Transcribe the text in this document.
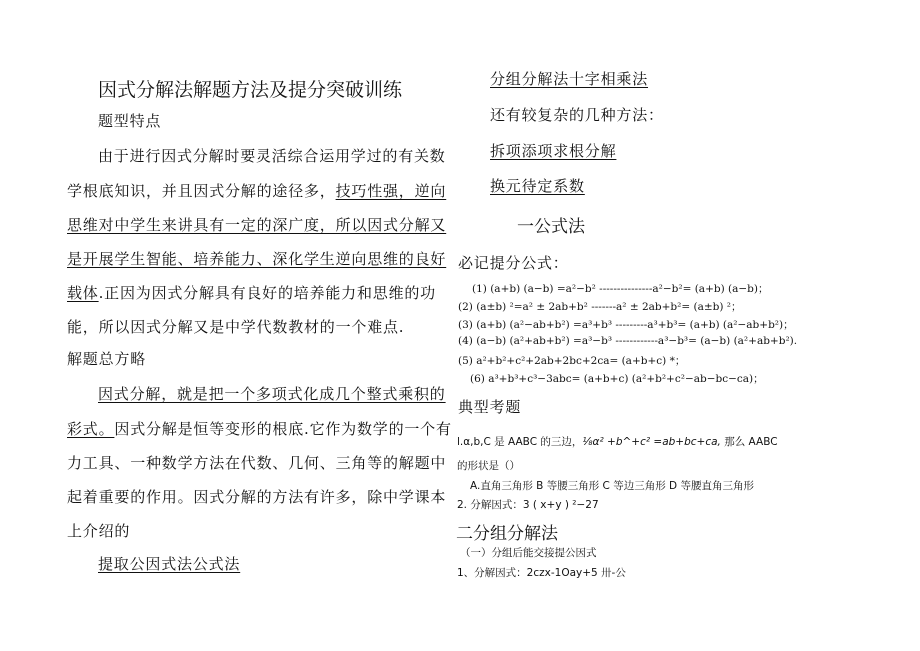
因式分解法解题方法及提分突破训练
题型特点
由于进行因式分解时要灵活综合运用学过的有关数
学根底知识，并且因式分解的途径多，技巧性强，逆向
思维对中学生来讲具有一定的深广度，所以因式分解又
是开展学生智能、培养能力、深化学生逆向思维的良好
载体.正因为因式分解具有良好的培养能力和思维的功
能，所以因式分解又是中学代数教材的一个难点.
解题总方略
因式分解，就是把一个多项式化成几个整式乘积的
彩式。因式分解是恒等变形的根底.它作为数学的一个有
力工具、一种数学方法在代数、几何、三角等的解题中
起着重要的作用。因式分解的方法有许多，除中学课本
上介绍的
提取公因式法公式法
分组分解法十字相乘法
还有较复杂的几种方法：
拆项添项求根分解
换元待定系数
一公式法
必记提分公式：
(1) (a+b) (a−b) =a²−b² ---------------a²−b²= (a+b) (a−b)；
(2) (a±b) ²=a² ± 2ab+b² -------a² ± 2ab+b²= (a±b) ²；
(3) (a+b) (a²−ab+b²) =a³+b³ ---------a³+b³= (a+b) (a²−ab+b²)；
(4) (a−b) (a²+ab+b²) =a³−b³ ------------a³−b³= (a−b) (a²+ab+b²).
(5) a²+b²+c²+2ab+2bc+2ca= (a+b+c) *；
(6) a³+b³+c³−3abc= (a+b+c) (a²+b²+c²−ab−bc−ca)；
典型考题
l.α,b,C 是 AABC 的三边，⅛α² +b^+c² =ab+bc+ca, 那么 AABC
的形状是（）
A.直角三角形 B 等腰三角形 C 等边三角形 D 等腰直角三角形
2. 分解因式：3 ( x+y ) ²−27
二分组分解法
（一）分组后能交接提公因式
1、分解因式：2czx-1Oay+5 卅-公
